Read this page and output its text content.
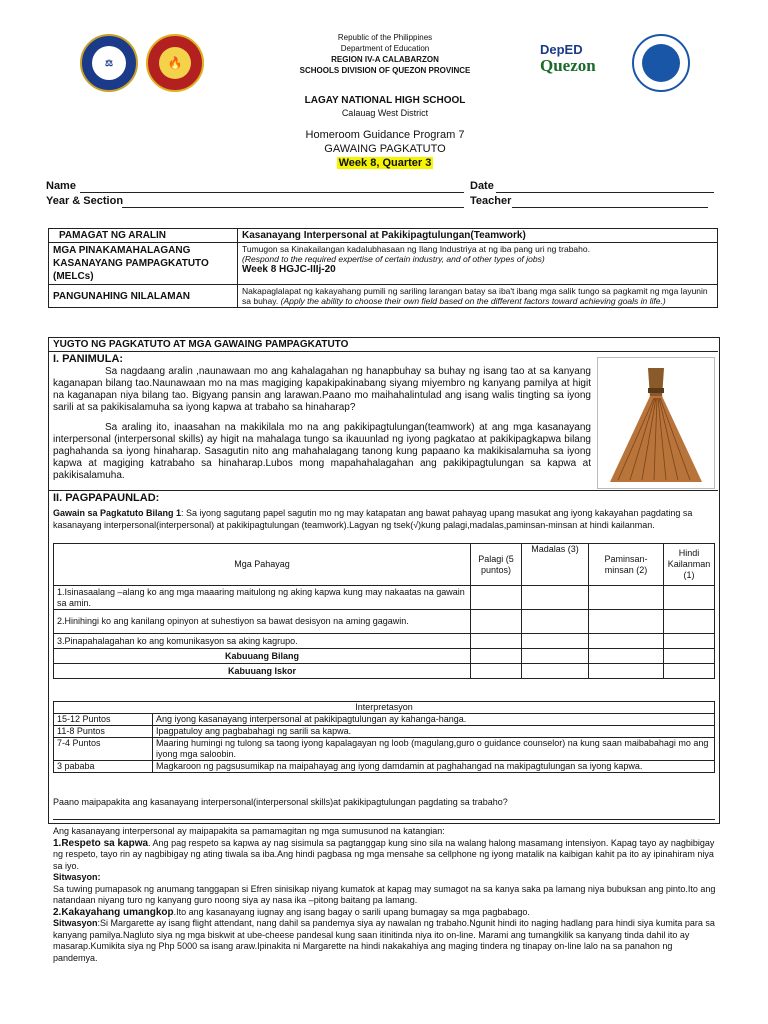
⚖	🔥
DepED
Quezon
Republic of the Philippines
Department of Education
REGION IV-A CALABARZON
SCHOOLS DIVISION OF QUEZON PROVINCE
LAGAY NATIONAL HIGH SCHOOL
Calauag West District
Homeroom Guidance Program 7
GAWAING PAGKATUTO
Week 8, Quarter 3
Name	Date
Year & Section	Teacher
PAMAGAT NG ARALIN	Kasanayang Interpersonal at Pakikipagtulungan(Teamwork)
MGA PINAKAMAHALAGANG KASANAYANG PAMPAGKATUTO (MELCs)	Tumugon sa Kinakailangan kadalubhasaan ng Ilang Industriya at ng iba pang uri ng trabaho.
(Respond to the required expertise of certain industry, and of other types of jobs)
Week 8 HGJC-IIIj-20

PANGUNAHING NILALAMAN	Nakapaglalapat ng kakayahang pumili ng sariling larangan batay sa iba't ibang mga salik tungo sa pagkamit ng mga layunin sa buhay. (Apply the ability to choose their own field based on the different factors toward achieving goals in life.)
YUGTO NG PAGKATUTO AT MGA GAWAING PAMPAGKATUTO
I. PANIMULA:
Sa nagdaang aralin ,naunawaan mo ang kahalagahan ng hanapbuhay sa buhay ng isang tao at sa kanyang kaganapan bilang tao.Naunawaan mo na mas magiging kapakipakinabang siyang miyembro ng kanyang pamilya at higit na kaganapan niya bilang tao. Bigyang pansin ang larawan.Paano mo maihahalintulad ang isang walis tingting sa iyong sarili at sa pakikisalamuha sa iyong kapwa at trabaho sa hinaharap?
Sa araling ito, inaasahan na makikilala mo na ang pakikipagtulungan(teamwork) at ang mga kasanayang interpersonal (interpersonal skills) ay higit na mahalaga tungo sa ikauunlad ng iyong pagkatao at pakikipagkapwa bilang paghahanda sa iyong hinaharap. Sasagutin nito ang mahahalagang tanong kung papaano ka makikisalamuha sa iyong kapwa at magiging katrabaho sa hinaharap.Lubos mong mapahahalagahan ang pakikipagtulungan sa kapwa at pakikisalamuha.
II. PAGPAPAUNLAD:
Gawain sa Pagkatuto Bilang 1: Sa iyong sagutang papel sagutin mo ng may katapatan ang bawat pahayag upang masukat ang iyong kakayahan pagdating sa kasanayang interpersonal(interpersonal) at pakikipagtulungan (teamwork).Lagyan ng tsek(√)kung palagi,madalas,paminsan-minsan at hindi kailanman.
Mga Pahayag	Palagi (5 puntos)	Madalas (3)	Paminsan-minsan (2)	Hindi Kailanman (1)
1.Isinasaalang –alang ko ang mga maaaring maitulong ng aking kapwa kung may nakaatas na gawain sa amin.				
2.Hinihingi ko ang kanilang opinyon at suhestiyon sa bawat desisyon na aming gagawin.				
3.Pinapahalagahan ko ang komunikasyon sa aking kagrupo.				
Kabuuang Bilang				
Kabuuang Iskor				
Interpretasyon	
15-12 Puntos	Ang iyong kasanayang interpersonal at pakikipagtulungan ay kahanga-hanga.
11-8 Puntos	Ipagpatuloy ang pagbabahagi ng sarili sa kapwa.
7-4 Puntos	Maaring humingi ng tulong sa taong iyong kapalagayan ng loob (magulang,guro o guidance counselor) na kung saan maibabahagi mo ang iyong mga saloobin.
3 pababa	Magkaroon ng pagsusumikap na maipahayag ang iyong damdamin at paghahangad na makipagtulungan sa iyong kapwa.
Paano maipapakita ang kasanayang interpersonal(interpersonal skills)at pakikipagtulungan pagdating sa trabaho?
Ang kasanayang interpersonal ay maipapakita sa pamamagitan ng mga sumusunod na katangian:
1.Respeto sa kapwa. Ang pag respeto sa kapwa ay nag sisimula sa pagtanggap kung sino sila na walang halong masamang intensiyon. Kapag tayo ay nagbibigay ng respeto, tayo rin ay nagbibigay ng ating tiwala sa iba.Ang hindi pagbasa ng mga mensahe sa cellphone ng iyong matalik na kaibigan kahit pa ito ay ipinahiram niya sa iyo.
Sitwasyon:
Sa tuwing pumapasok ng anumang tanggapan si Efren sinisikap niyang kumatok at kapag may sumagot na sa kanya saka pa lamang niya bubuksan ang pinto.Ito ang natandaan niyang turo ng kanyang guro noong siya ay nasa ika –pitong baitang pa lamang.
2.Kakayahang umangkop.Ito ang kasanayang iugnay ang isang bagay o sarili upang bumagay sa mga pagbabago.
Sitwasyon:Si Margarette ay isang flight attendant, nang dahil sa pandemya siya ay nawalan ng trabaho.Ngunit hindi ito naging hadlang para hindi siya kumita para sa kanyang pamilya.Nagluto siya ng mga biskwit at ube-cheese pandesal kung saan itinitinda niya ito on-line. Marami ang tumangkilik sa kanyang tinda dahil ito ay masarap.Kumikita siya ng Php 5000 sa isang araw.Ipinakita ni Margarette na hindi nakakahiya ang maging tindera ng tinapay on-line lalo na sa panahon ng pandemya.
